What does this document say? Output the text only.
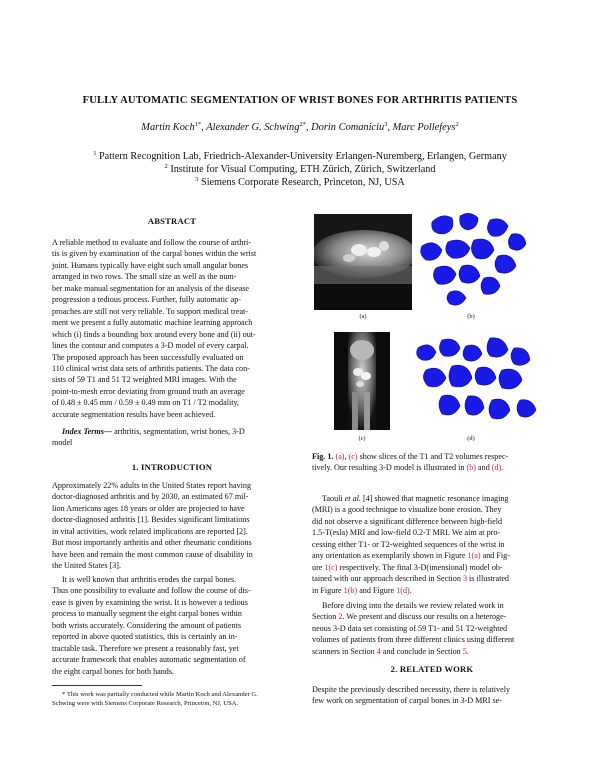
FULLY AUTOMATIC SEGMENTATION OF WRIST BONES FOR ARTHRITIS PATIENTS
Martin Koch$^{1*}$, Alexander G. Schwing$^{2*}$, Dorin Comaniciu$^3$, Marc Pollefeys$^2$
$^1$ Pattern Recognition Lab, Friedrich-Alexander-University Erlangen-Nuremberg, Erlangen, Germany
$^2$ Institute for Visual Computing, ETH Zürich, Zürich, Switzerland
$^3$ Siemens Corporate Research, Princeton, NJ, USA
ABSTRACT
A reliable method to evaluate and follow the course of arthri-
tis is given by examination of the carpal bones within the wrist
joint. Humans typically have eight such small angular bones
arranged in two rows. The small size as well as the num-
ber make manual segmentation for an analysis of the disease
progression a tedious process. Further, fully automatic ap-
proaches are still not very reliable. To support medical treat-
ment we present a fully automatic machine learning approach
which (i) finds a bounding box around every bone and (ii) out-
lines the contour and computes a 3-D model of every carpal.
The proposed approach has been successfully evaluated on
110 clinical wrist data sets of arthritis patients. The data con-
sists of 59 T1 and 51 T2 weighted MRI images. With the
point-to-mesh error deviating from ground truth an average
of 0.48 ± 0.45 mm / 0.59 ± 0.49 mm on T1 / T2 modality,
accurate segmentation results have been achieved.
Index Terms— arthritis, segmentation, wrist bones, 3-D
model
1. INTRODUCTION
Approximately 22% adults in the United States report having
doctor-diagnosed arthritis and by 2030, an estimated 67 mil-
lion Americans ages 18 years or older are projected to have
doctor-diagnosed arthritis [1]. Besides significant limitations
in vital activities, work related implications are reported [2].
But most importantly arthritis and other rheumatic conditions
have been and remain the most common cause of disability in
the United States [3].
It is well known that arthritis erodes the carpal bones.
Thus one possibility to evaluate and follow the course of dis-
ease is given by examining the wrist. It is however a tedious
process to manually segment the eight carpal bones within
both wrists accurately. Considering the amount of patients
reported in above quoted statistics, this is certainly an in-
tractable task. Therefore we present a reasonably fast, yet
accurate framework that enables automatic segmentation of
the eight carpal bones for both hands.
* This work was partially conducted while Martin Koch and Alexander G.
Schwing were with Siemens Corporate Research, Princeton, NJ, USA.
(a)	(b)
(c)	(d)
Fig. 1. (a), (c) show slices of the T1 and T2 volumes respec-
tively. Our resulting 3-D model is illustrated in (b) and (d).
Taouli et al. [4] showed that magnetic resonance imaging
(MRI) is a good technique to visualize bone erosion. They
did not observe a significant difference between high-field
1.5-T(esla) MRI and low-field 0.2-T MRI. We aim at pro-
cessing either T1- or T2-weighted sequences of the wrist in
any orientation as exemplarily shown in Figure 1(a) and Fig-
ure 1(c) respectively. The final 3-D(imensional) model ob-
tained with our approach described in Section 3 is illustrated
in Figure 1(b) and Figure 1(d).
Before diving into the details we review related work in
Section 2. We present and discuss our results on a heteroge-
neous 3-D data set consisting of 59 T1- and 51 T2-weighted
volumes of patients from three different clinics using different
scanners in Section 4 and conclude in Section 5.
2. RELATED WORK
Despite the previously described necessity, there is relatively
few work on segmentation of carpal bones in 3-D MRI se-
